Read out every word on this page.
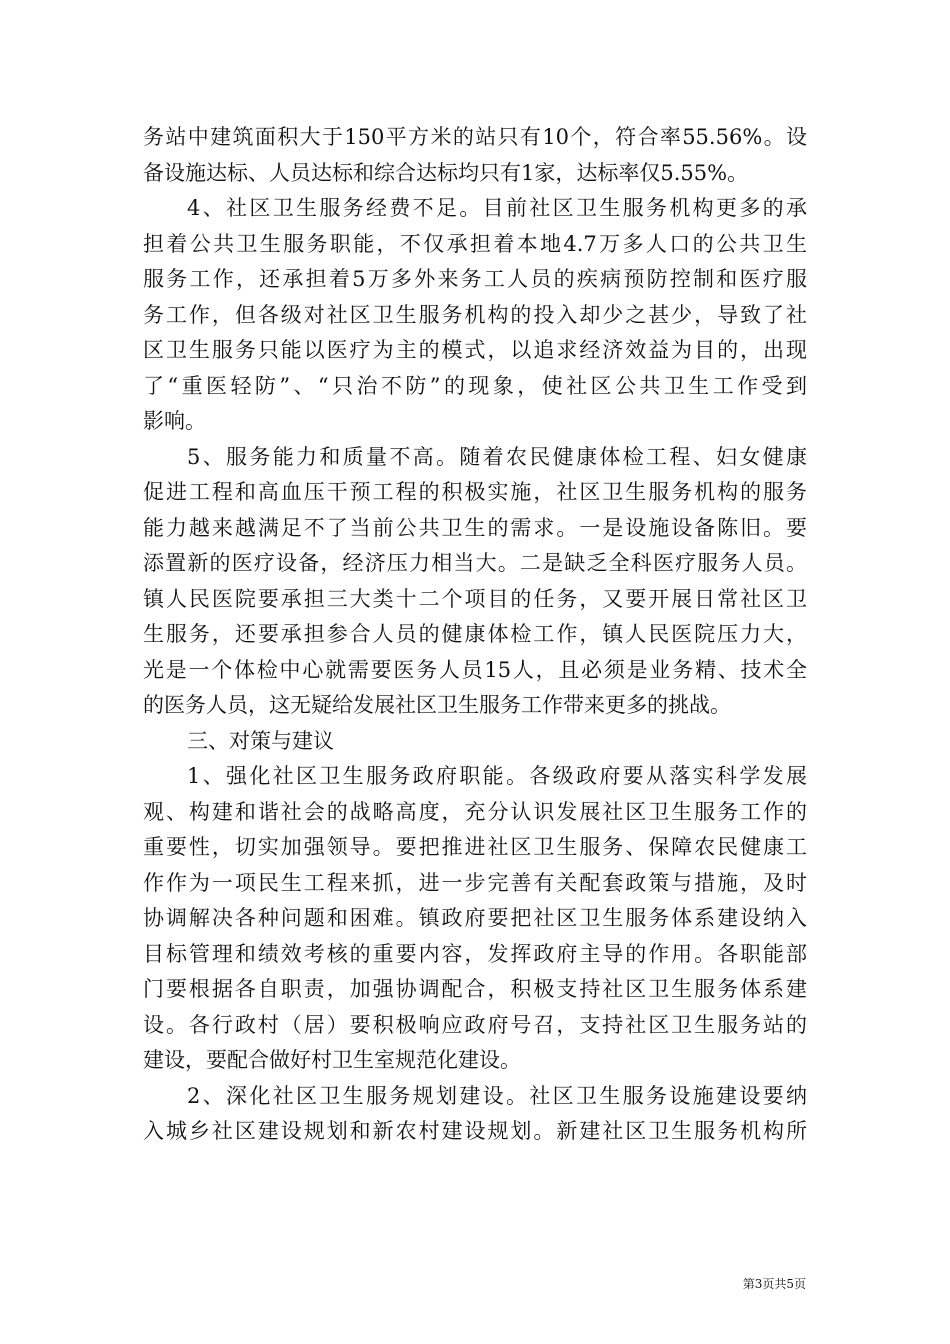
务站中建筑面积大于150平方米的站只有10个，符合率55.56%。设
备设施达标、人员达标和综合达标均只有1家，达标率仅5.55%。
4、社区卫生服务经费不足。目前社区卫生服务机构更多的承
担着公共卫生服务职能，不仅承担着本地4.7万多人口的公共卫生
服务工作，还承担着5万多外来务工人员的疾病预防控制和医疗服
务工作，但各级对社区卫生服务机构的投入却少之甚少，导致了社
区卫生服务只能以医疗为主的模式，以追求经济效益为目的，出现
了“重医轻防”、“只治不防”的现象，使社区公共卫生工作受到
影响。
5、服务能力和质量不高。随着农民健康体检工程、妇女健康
促进工程和高血压干预工程的积极实施，社区卫生服务机构的服务
能力越来越满足不了当前公共卫生的需求。一是设施设备陈旧。要
添置新的医疗设备，经济压力相当大。二是缺乏全科医疗服务人员。
镇人民医院要承担三大类十二个项目的任务，又要开展日常社区卫
生服务，还要承担参合人员的健康体检工作，镇人民医院压力大，
光是一个体检中心就需要医务人员15人，且必须是业务精、技术全
的医务人员，这无疑给发展社区卫生服务工作带来更多的挑战。
三、对策与建议
1、强化社区卫生服务政府职能。各级政府要从落实科学发展
观、构建和谐社会的战略高度，充分认识发展社区卫生服务工作的
重要性，切实加强领导。要把推进社区卫生服务、保障农民健康工
作作为一项民生工程来抓，进一步完善有关配套政策与措施，及时
协调解决各种问题和困难。镇政府要把社区卫生服务体系建设纳入
目标管理和绩效考核的重要内容，发挥政府主导的作用。各职能部
门要根据各自职责，加强协调配合，积极支持社区卫生服务体系建
设。各行政村（居）要积极响应政府号召，支持社区卫生服务站的
建设，要配合做好村卫生室规范化建设。
2、深化社区卫生服务规划建设。社区卫生服务设施建设要纳
入城乡社区建设规划和新农村建设规划。新建社区卫生服务机构所
第3页共5页
